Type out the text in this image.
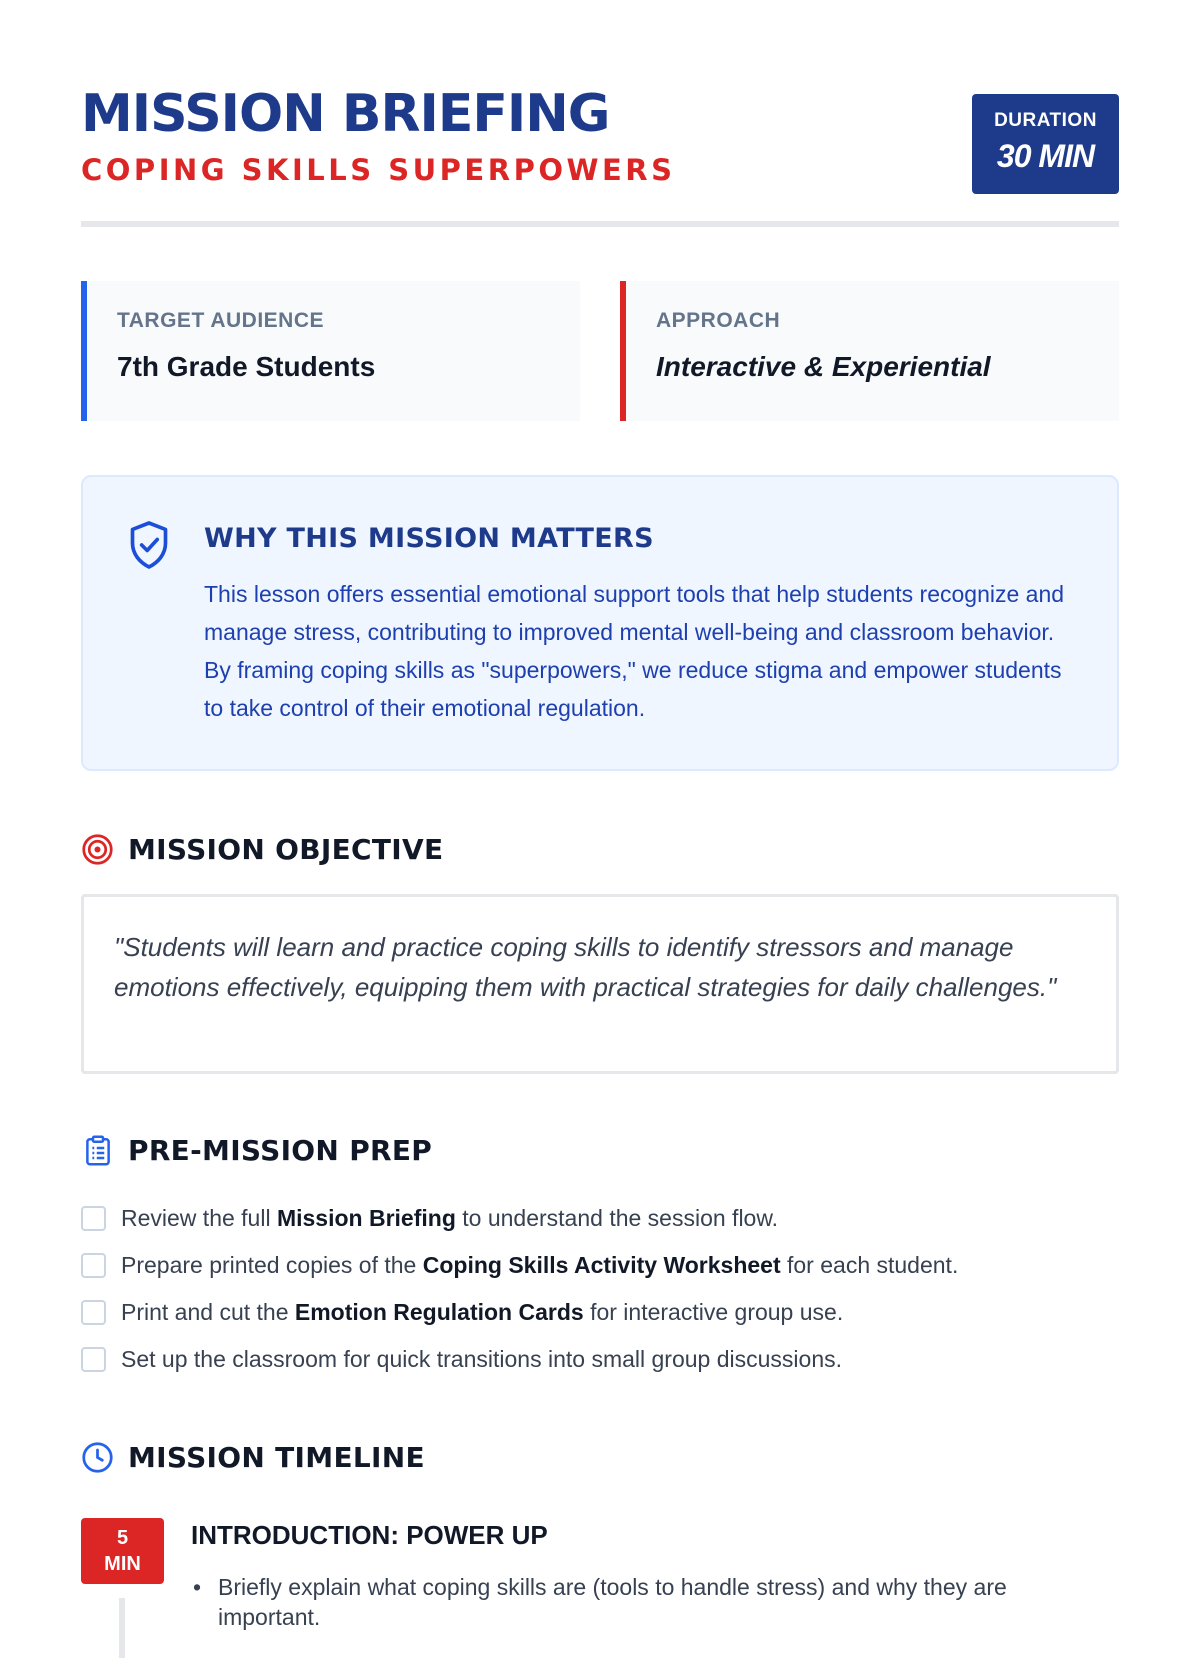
MISSION BRIEFING
COPING SKILLS SUPERPOWERS
DURATION
30 MIN
TARGET AUDIENCE
7th Grade Students
APPROACH
Interactive & Experiential
WHY THIS MISSION MATTERS

This lesson offers essential emotional support tools that help students recognize and manage stress, contributing to improved mental well-being and classroom behavior. By framing coping skills as "superpowers," we reduce stigma and empower students to take control of their emotional regulation.

MISSION OBJECTIVE
"Students will learn and practice coping skills to identify stressors and manage emotions effectively, equipping them with practical strategies for daily challenges."
PRE-MISSION PREP
Review the full Mission Briefing to understand the session flow.
Prepare printed copies of the Coping Skills Activity Worksheet for each student.
Print and cut the Emotion Regulation Cards for interactive group use.
Set up the classroom for quick transitions into small group discussions.
MISSION TIMELINE
5
MIN
INTRODUCTION: POWER UP
• Briefly explain what coping skills are (tools to handle stress) and why they are important.
